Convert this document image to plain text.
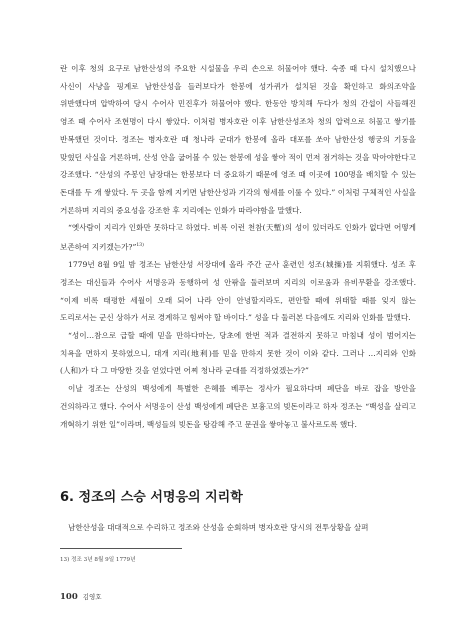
란 이후 청의 요구로 남한산성의 주요한 시설물을 우리 손으로 허물어야 했다. 숙종 때 다시 설치했으나 사신이 사냥을 핑계로 남한산성을 들러보다가 한봉에 성가퀴가 설치된 것을 확인하고 화의조약을 위반했다며 압박하여 당시 수어사 민진후가 허물어야 했다. 한동안 방치해 두다가 청의 간섭이 사들해진 영조 때 수어사 조현명이 다시 쌓았다. 이처럼 병자호란 이후 남한산성조차 청의 압력으로 허물고 쌓기를 반복했던 것이다. 정조는 병자호란 때 청나라 군대가 한봉에 올라 대포를 쏘아 남한산성 행궁의 기둥을 맞혔던 사실을 거론하며, 산성 안을 굽어볼 수 있는 한봉에 성을 쌓아 적이 먼저 점거하는 것을 막아야한다고 강조했다. “산성의 주봉인 남장대는 한봉보다 더 중요하기 때문에 영조 때 이곳에 100명을 배치할 수 있는 돈대를 두 개 쌓았다. 두 곳을 함께 지키면 남한산성과 기각의 형세를 이룰 수 있다.” 이처럼 구체적인 사실을 거론하며 지리의 중요성을 강조한 후 지리에는 인화가 따라야함을 말했다.

“옛사람이 지리가 인화만 못하다고 하였다. 비록 이런 천참(天塹)의 성이 있더라도 인화가 없다면 어떻게 보존하여 지키겠는가?”$^{13)}$

1779년 8월 9일 밤 정조는 남한산성 서장대에 올라 주간 군사 훈련인 성조(城操)를 지휘했다. 성조 후 정조는 대신들과 수어사 서명응과 동행하여 성 안팎을 둘러보며 지리의 이로움과 유비무환을 강조했다. “이제 비록 태평한 세월이 오래 되어 나라 안이 안녕할지라도, 편안할 때에 위태할 때를 잊지 않는 도리로서는 군신 상하가 서로 경계하고 힘써야 할 바이다.” 성을 다 둘러본 다음에도 지리와 인화를 말했다.

“성이…참으로 급할 때에 믿을 만하다마는, 당초에 한번 적과 결전하지 못하고 마침내 성이 범어지는 치욕을 면하지 못하였으니, 대개 지리(地利)를 믿을 만하지 못한 것이 이와 같다. 그러나 …지리와 인화(人和)가 다 그 마땅한 것을 얻었다면 어찌 청나라 군대를 걱정하였겠는가?”

이날 정조는 산성의 백성에게 특별한 은혜를 베푸는 정사가 필요하다며 폐단을 바로 잡을 방안을 건의하라고 했다. 수어사 서명응이 산성 백성에게 폐단은 보흉고의 빚돈이라고 하자 정조는 “백성을 살리고 개혁하기 위한 일”이라며, 백성들의 빚돈을 탕감해 주고 문권을 쌓아놓고 불사르도록 했다.

6. 정조의 스승 서명응의 지리학

남한산성을 대대적으로 수리하고 정조와 산성을 순회하며 병자호란 당시의 전투상황을 살펴

13) 정조 3년 8월 9일 1779년

100 김영호
